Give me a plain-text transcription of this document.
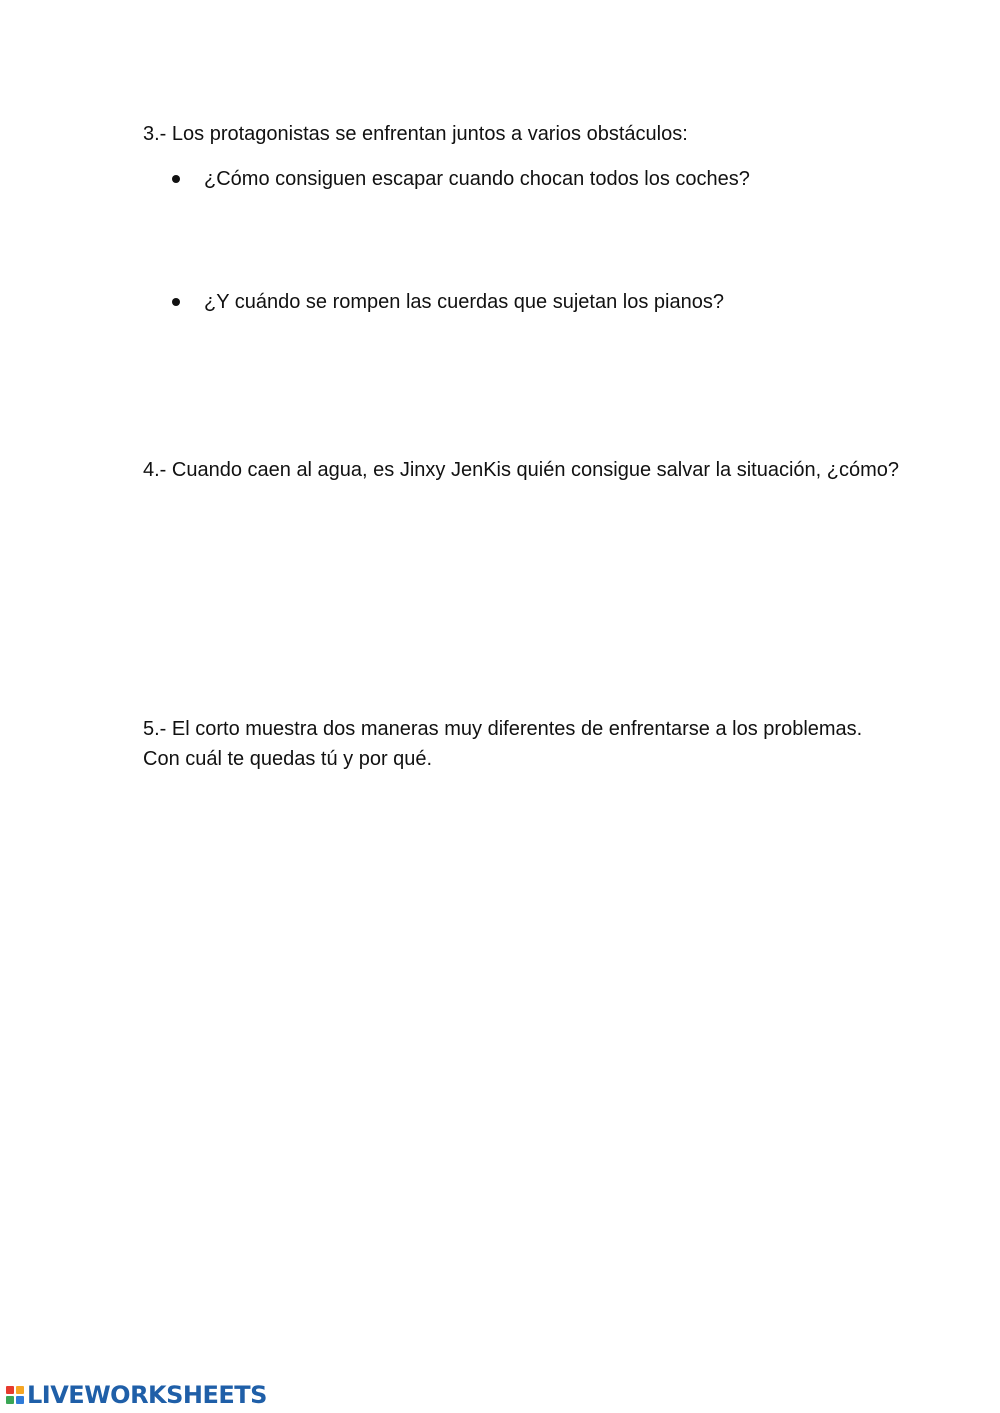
3.- Los protagonistas se enfrentan juntos a varios obstáculos:

¿Cómo consiguen escapar cuando chocan todos los coches?
¿Y cuándo se rompen las cuerdas que sujetan los pianos?

4.- Cuando caen al agua, es Jinxy JenKis quién consigue salvar la situación, ¿cómo?

5.- El corto muestra dos maneras muy diferentes de enfrentarse a los problemas.
Con cuál te quedas tú y por qué.
LIVEWORKSHEETS
